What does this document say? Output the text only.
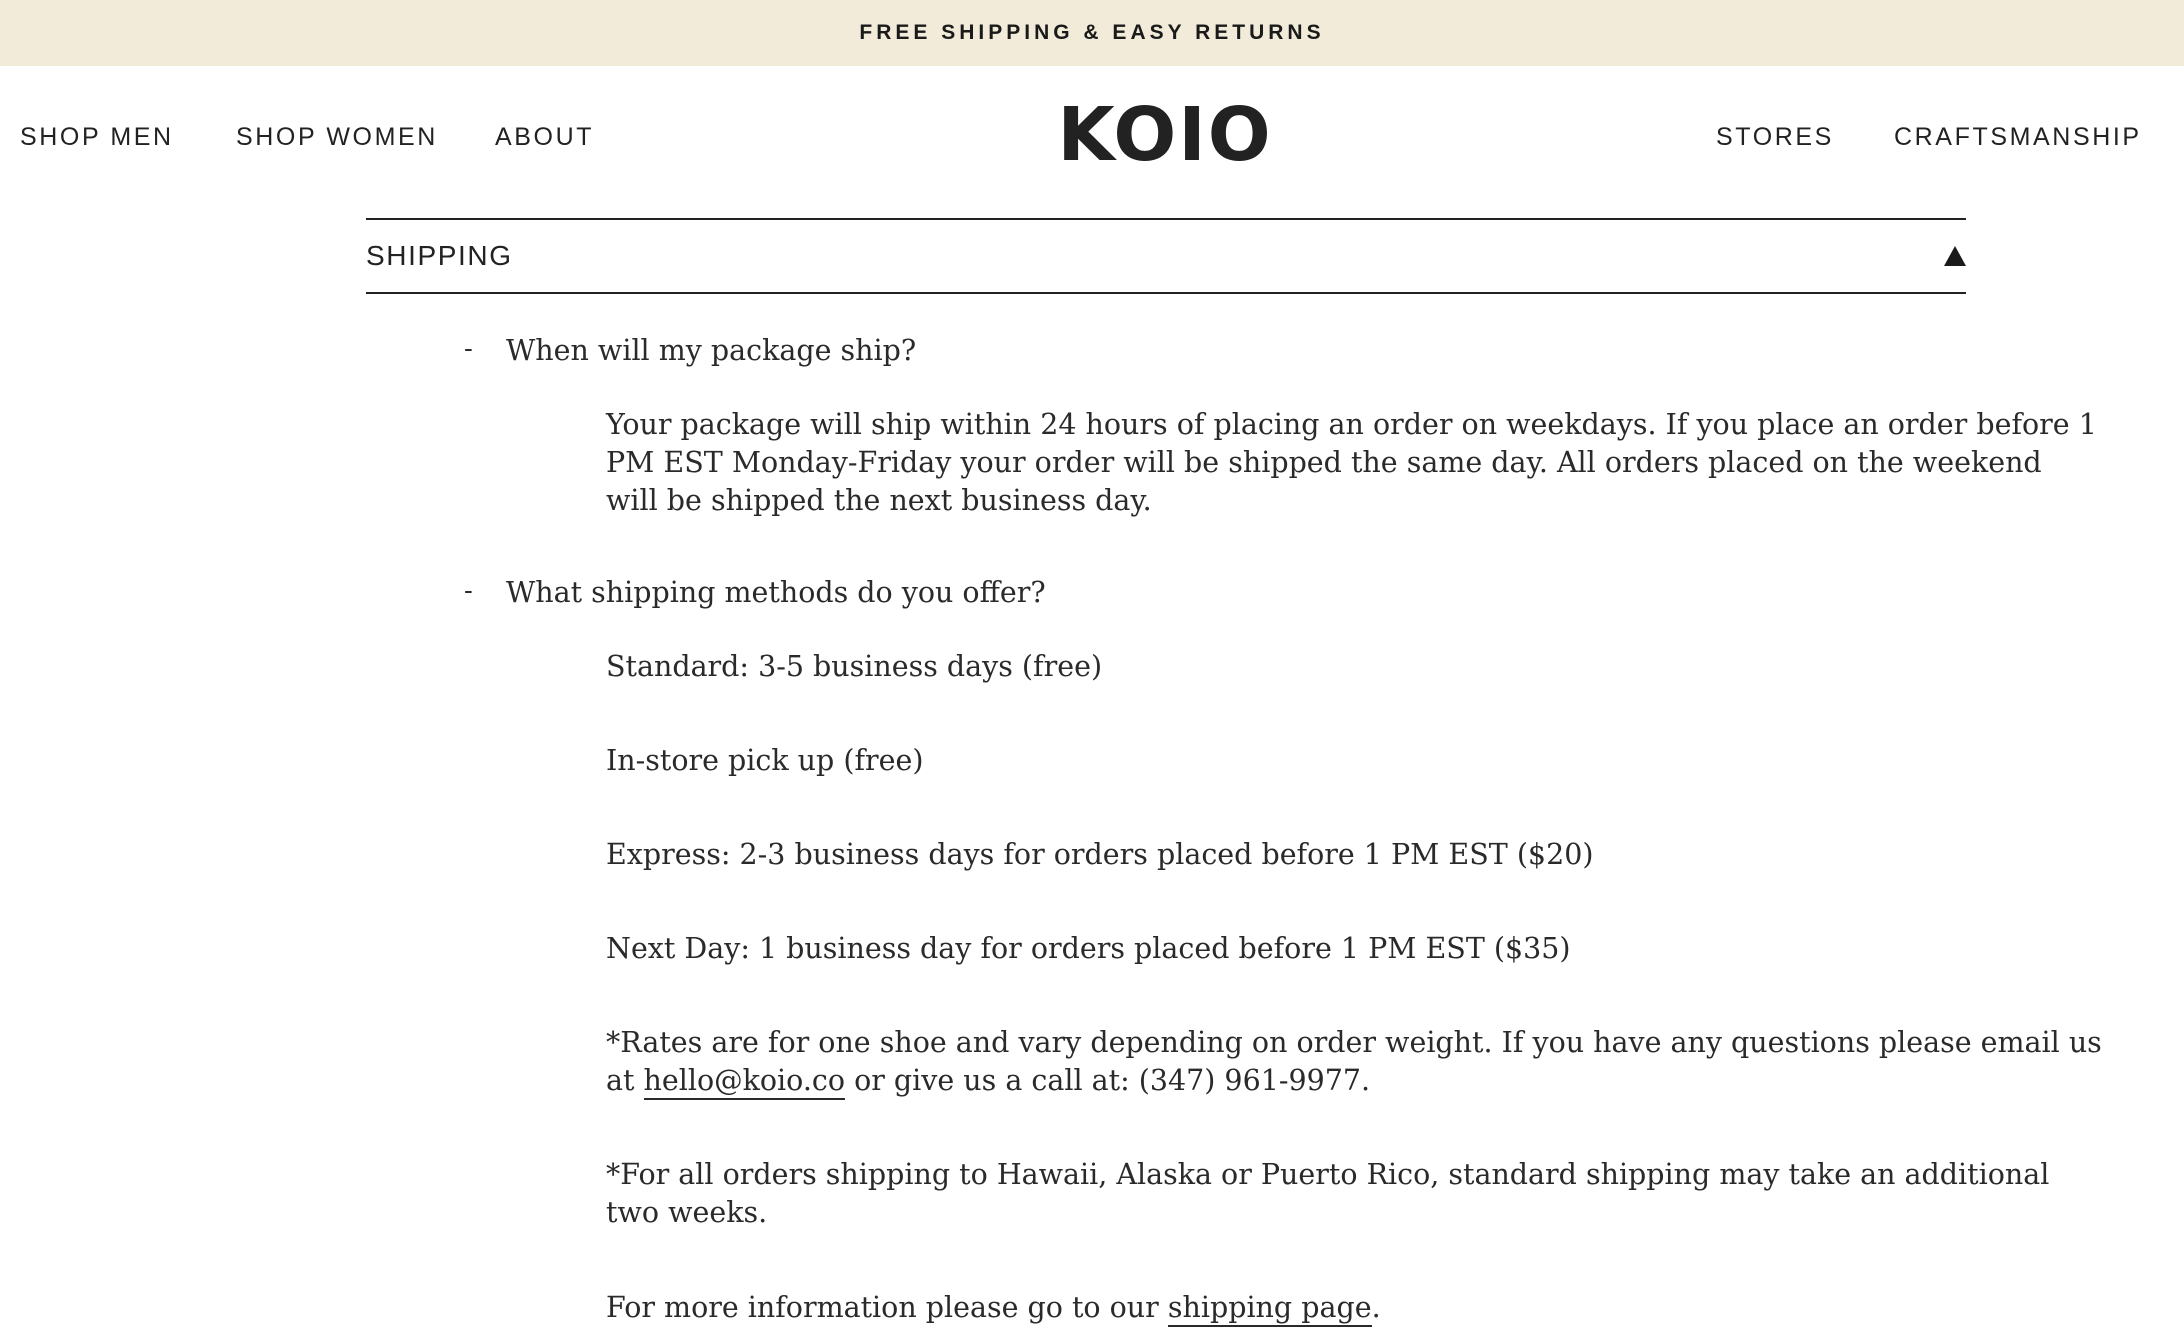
FREE SHIPPING & EASY RETURNS
SHOP MEN SHOP WOMEN ABOUT	KOIO	STORES CRAFTSMANSHIP
SHIPPING
- When will my package ship?
Your package will ship within 24 hours of placing an order on weekdays. If you place an order before 1
PM EST Monday-Friday your order will be shipped the same day. All orders placed on the weekend
will be shipped the next business day.
- What shipping methods do you offer?
Standard: 3-5 business days (free)
In-store pick up (free)
Express: 2-3 business days for orders placed before 1 PM EST ($20)
Next Day: 1 business day for orders placed before 1 PM EST ($35)
*Rates are for one shoe and vary depending on order weight. If you have any questions please email us
at hello@koio.co or give us a call at: (347) 961-9977.
*For all orders shipping to Hawaii, Alaska or Puerto Rico, standard shipping may take an additional
two weeks.
For more information please go to our shipping page.
